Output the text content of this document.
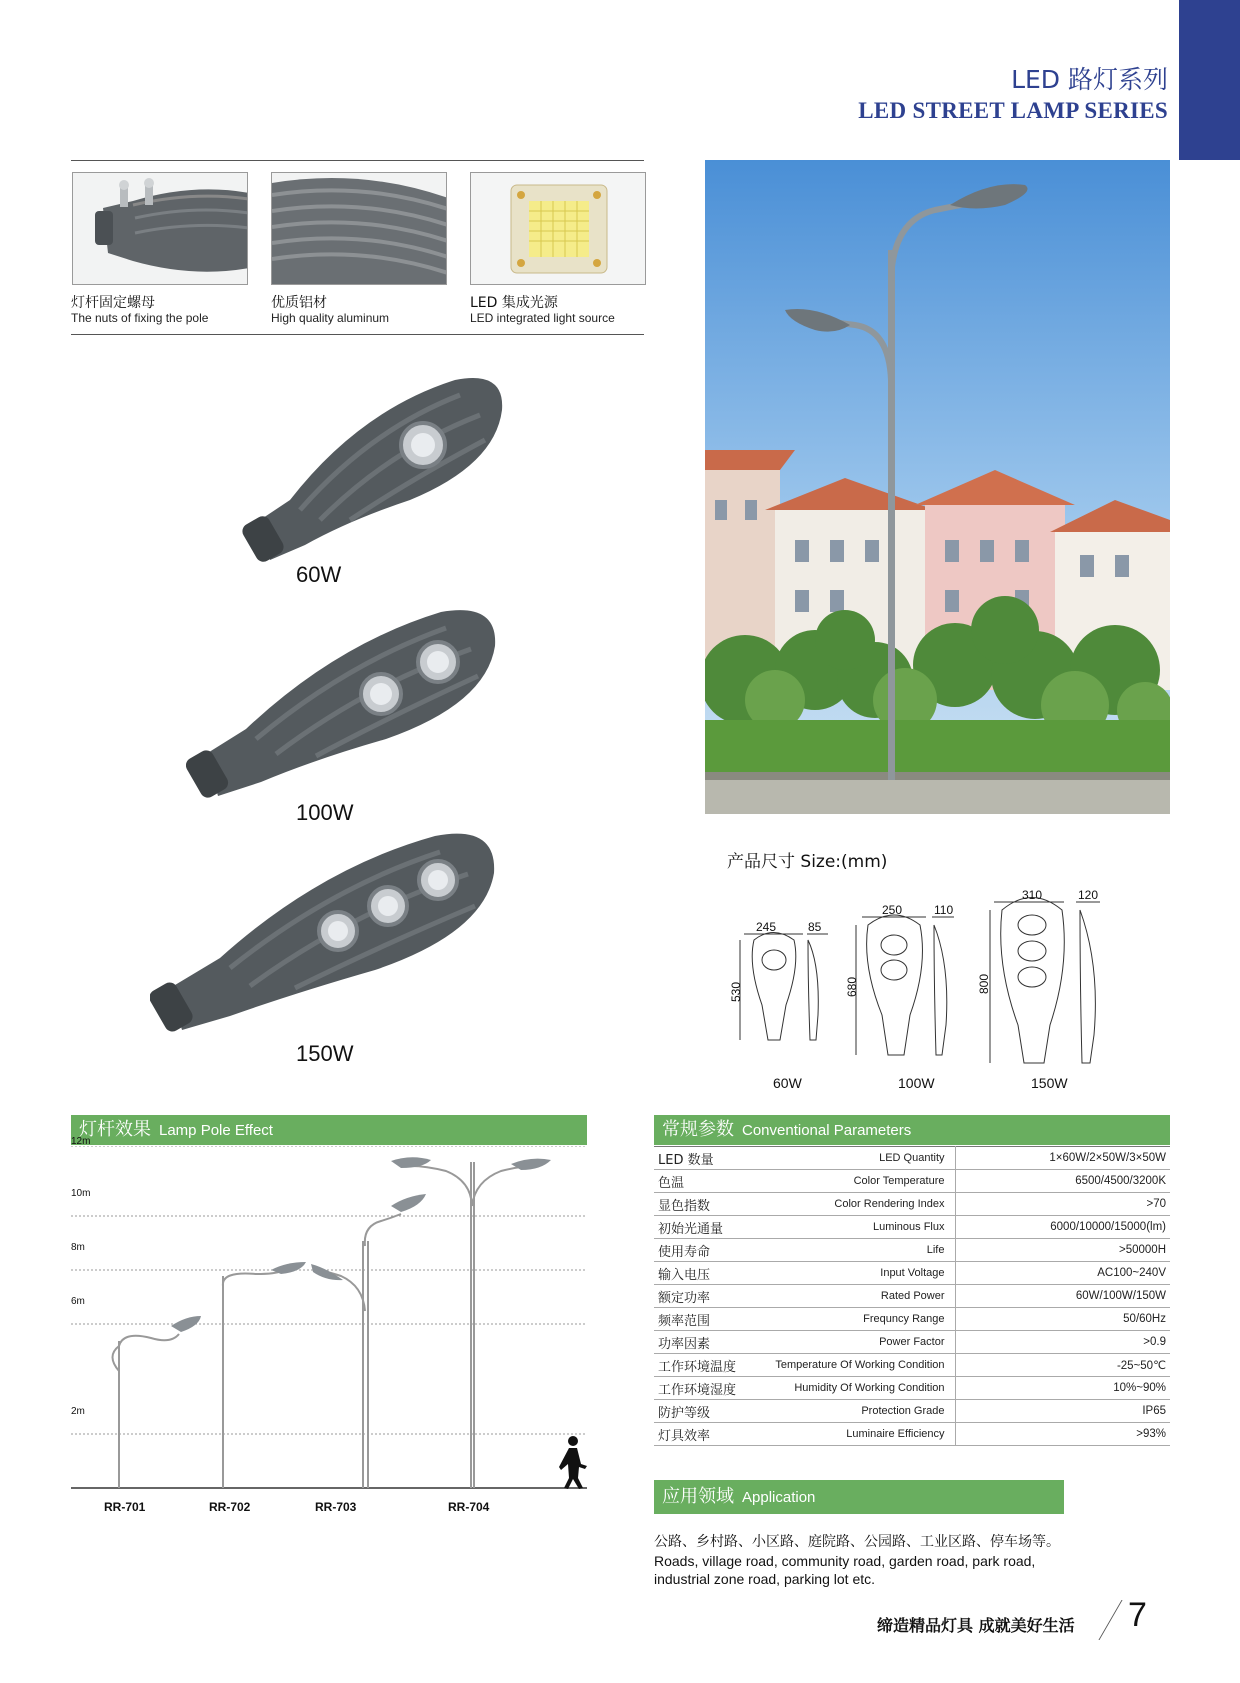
LED 路灯系列
LED STREET LAMP SERIES
灯杆固定螺母
The nuts of fixing the pole
优质铝材
High quality aluminum
LED 集成光源
LED integrated light source
60W
100W
150W
产品尺寸 Size:(mm)
245	85
530
60W
250	110
680
100W
310	120
800
150W
灯杆效果 Lamp Pole Effect
12m
10m
8m
6m
2m
RR-701	RR-702	RR-703	RR-704
常规参数 Conventional Parameters
LED 数量	LED Quantity	1×60W/2×50W/3×50W
色温	Color Temperature	6500/4500/3200K
显色指数	Color Rendering Index	>70
初始光通量	Luminous Flux	6000/10000/15000(lm)
使用寿命	Life	>50000H
输入电压	Input Voltage	AC100~240V
额定功率	Rated Power	60W/100W/150W
频率范围	Frequncy Range	50/60Hz
功率因素	Power Factor	>0.9
工作环境温度	Temperature Of Working Condition	-25~50℃
工作环境湿度	Humidity Of Working Condition	10%~90%
防护等级	Protection Grade	IP65
灯具效率	Luminaire Efficiency	>93%
应用领域 Application
公路、乡村路、小区路、庭院路、公园路、工业区路、停车场等。
Roads, village road, community road, garden road, park road, industrial zone road, parking lot etc.
缔造精品灯具 成就美好生活 7
